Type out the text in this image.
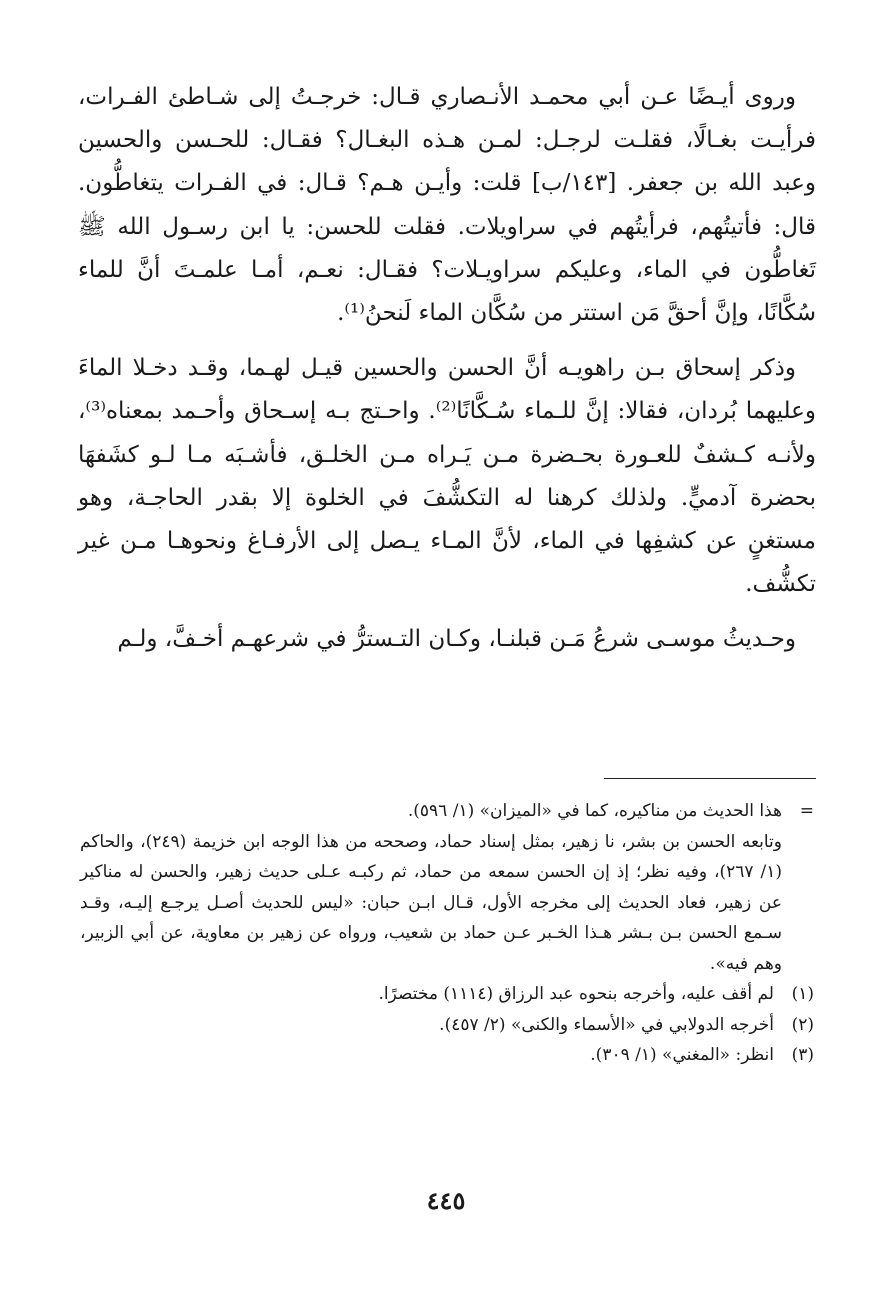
وروى أيـضًا عـن أبي محمـد الأنـصاري قـال: خرجـتُ إلى شـاطئ الفـرات، فرأيـت بغـالًا، فقلـت لرجـل: لمـن هـذه البغـال؟ فقـال: للحـسن والحسين وعبد الله بن جعفر. [١٤٣/ب] قلت: وأيـن هـم؟ قـال: في الفـرات يتغاطُّون. قال: فأتيتُهم، فرأيتُهم في سراويلات. فقلت للحسن: يا ابن رسـول الله ﷺ تَغاطُّون في الماء، وعليكم سراويـلات؟ فقـال: نعـم، أمـا علمـتَ أنَّ للماء سُكَّانًا، وإنَّ أحقَّ مَن استتر من سُكَّان الماء لَنحنُ⁽¹⁾.

وذكر إسحاق بـن راهويـه أنَّ الحسن والحسين قيـل لهـما، وقـد دخـلا الماءَ وعليهما بُردان، فقالا: إنَّ للـماء سُـكَّانًا⁽²⁾. واحـتج بـه إسـحاق وأحـمد بمعناه⁽³⁾، ولأنـه كـشفٌ للعـورة بحـضرة مـن يَـراه مـن الخلـق، فأشـبَه مـا لـو كشَفهَا بحضرة آدميٍّ. ولذلك كرهنا له التكشُّفَ في الخلوة إلا بقدر الحاجـة، وهو مستغنٍ عن كشفِها في الماء، لأنَّ المـاء يـصل إلى الأرفـاغ ونحوهـا مـن غير تكشُّف.

وحـديثُ موسـى شرعُ مَـن قبلنـا، وكـان التـسترُّ في شرعهـم أخـفَّ، ولـم

=

هذا الحديث من مناكيره، كما في «الميزان» (١/ ٥٩٦).

وتابعه الحسن بن بشر، نا زهير، بمثل إسناد حماد، وصححه من هذا الوجه ابن خزيمة (٢٤٩)، والحاكم (١/ ٢٦٧)، وفيه نظر؛ إذ إن الحسن سمعه من حماد، ثم ركبـه عـلى حديث زهير، والحسن له مناكير عن زهير، فعاد الحديث إلى مخرجه الأول، قـال ابـن حبان: «ليس للحديث أصـل يرجـع إليـه، وقـد سـمع الحسن بـن بـشر هـذا الخـبر عـن حماد بن شعيب، ورواه عن زهير بن معاوية، عن أبي الزبير، وهم فيه».

(١)
لم أقف عليه، وأخرجه بنحوه عبد الرزاق (١١١٤) مختصرًا.
(٢)
أخرجه الدولابي في «الأسماء والكنى» (٢/ ٤٥٧).
(٣)
انظر: «المغني» (١/ ٣٠٩).
٤٤٥
